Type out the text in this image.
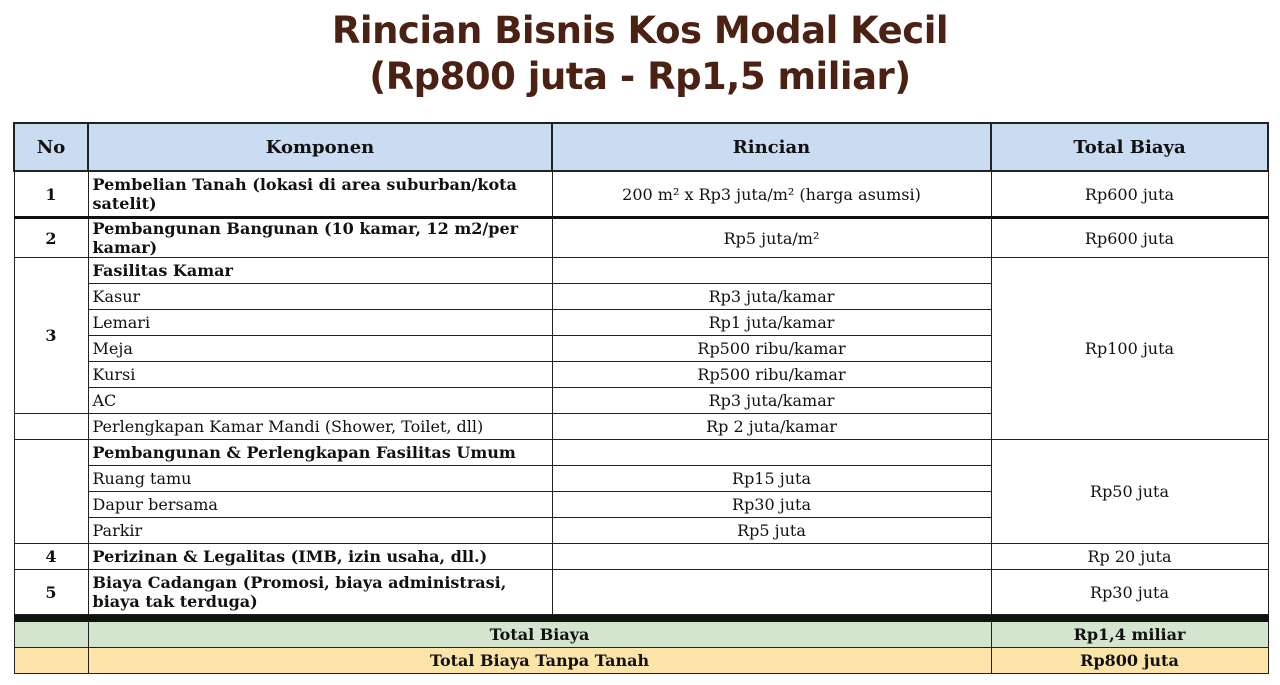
Rincian Bisnis Kos Modal Kecil
(Rp800 juta - Rp1,5 miliar)
No	Komponen	Rincian	Total Biaya
1	Pembelian Tanah (lokasi di area suburban/kota satelit)	200 m² x Rp3 juta/m² (harga asumsi)	Rp600 juta
2	Pembangunan Bangunan (10 kamar, 12 m2/per kamar)	Rp5 juta/m²	Rp600 juta
3	Fasilitas Kamar		Rp100 juta
	Kasur	Rp3 juta/kamar	
	Lemari	Rp1 juta/kamar	
	Meja	Rp500 ribu/kamar	
	Kursi	Rp500 ribu/kamar	
	AC	Rp3 juta/kamar	
	Perlengkapan Kamar Mandi (Shower, Toilet, dll)	Rp 2 juta/kamar	
	Pembangunan & Perlengkapan Fasilitas Umum		Rp50 juta
	Ruang tamu	Rp15 juta	
	Dapur bersama	Rp30 juta	
	Parkir	Rp5 juta	
4	Perizinan & Legalitas (IMB, izin usaha, dll.)		Rp 20 juta
5	Biaya Cadangan (Promosi, biaya administrasi, biaya tak terduga)		Rp30 juta

	Total Biaya		Rp1,4 miliar
	Total Biaya Tanpa Tanah		Rp800 juta
